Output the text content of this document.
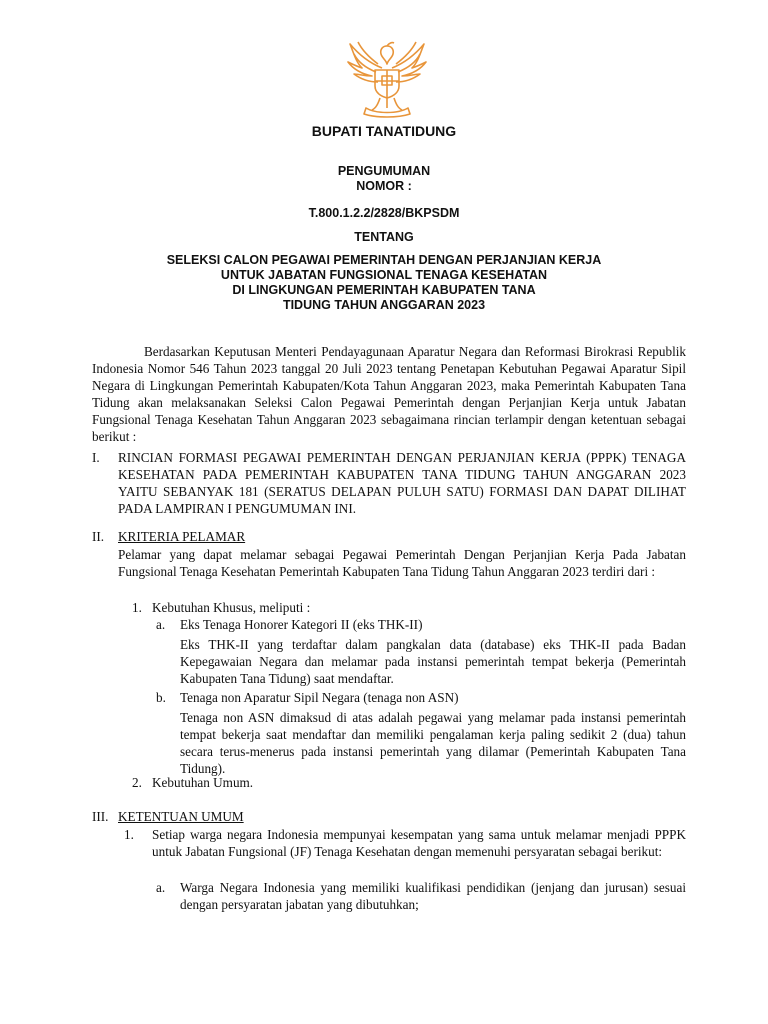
BUPATI TANATIDUNG
PENGUMUMAN
NOMOR :
T.800.1.2.2/2828/BKPSDM
TENTANG
SELEKSI CALON PEGAWAI PEMERINTAH DENGAN PERJANJIAN KERJA
UNTUK JABATAN FUNGSIONAL TENAGA KESEHATAN
DI LINGKUNGAN PEMERINTAH KABUPATEN TANA
TIDUNG TAHUN ANGGARAN 2023
Berdasarkan Keputusan Menteri Pendayagunaan Aparatur Negara dan Reformasi Birokrasi Republik Indonesia Nomor 546 Tahun 2023 tanggal 20 Juli 2023 tentang Penetapan Kebutuhan Pegawai Aparatur Sipil Negara di Lingkungan Pemerintah Kabupaten/Kota Tahun Anggaran 2023, maka Pemerintah Kabupaten Tana Tidung akan melaksanakan Seleksi Calon Pegawai Pemerintah dengan Perjanjian Kerja untuk Jabatan Fungsional Tenaga Kesehatan Tahun Anggaran 2023 sebagaimana rincian terlampir dengan ketentuan sebagai berikut :
I. RINCIAN FORMASI PEGAWAI PEMERINTAH DENGAN PERJANJIAN KERJA (PPPK) TENAGA KESEHATAN PADA PEMERINTAH KABUPATEN TANA TIDUNG TAHUN ANGGARAN 2023 YAITU SEBANYAK 181 (SERATUS DELAPAN PULUH SATU) FORMASI DAN DAPAT DILIHAT PADA LAMPIRAN I PENGUMUMAN INI.
II. KRITERIA PELAMAR
Pelamar yang dapat melamar sebagai Pegawai Pemerintah Dengan Perjanjian Kerja Pada Jabatan Fungsional Tenaga Kesehatan Pemerintah Kabupaten Tana Tidung Tahun Anggaran 2023 terdiri dari :
1. Kebutuhan Khusus, meliputi :
a. Eks Tenaga Honorer Kategori II (eks THK-II)
Eks THK-II yang terdaftar dalam pangkalan data (database) eks THK-II pada Badan Kepegawaian Negara dan melamar pada instansi pemerintah tempat bekerja (Pemerintah Kabupaten Tana Tidung) saat mendaftar.
b. Tenaga non Aparatur Sipil Negara (tenaga non ASN)
Tenaga non ASN dimaksud di atas adalah pegawai yang melamar pada instansi pemerintah tempat bekerja saat mendaftar dan memiliki pengalaman kerja paling sedikit 2 (dua) tahun secara terus-menerus pada instansi pemerintah yang dilamar (Pemerintah Kabupaten Tana Tidung).
2. Kebutuhan Umum.
III. KETENTUAN UMUM
1. Setiap warga negara Indonesia mempunyai kesempatan yang sama untuk melamar menjadi PPPK untuk Jabatan Fungsional (JF) Tenaga Kesehatan dengan memenuhi persyaratan sebagai berikut:
a. Warga Negara Indonesia yang memiliki kualifikasi pendidikan (jenjang dan jurusan) sesuai dengan persyaratan jabatan yang dibutuhkan;
